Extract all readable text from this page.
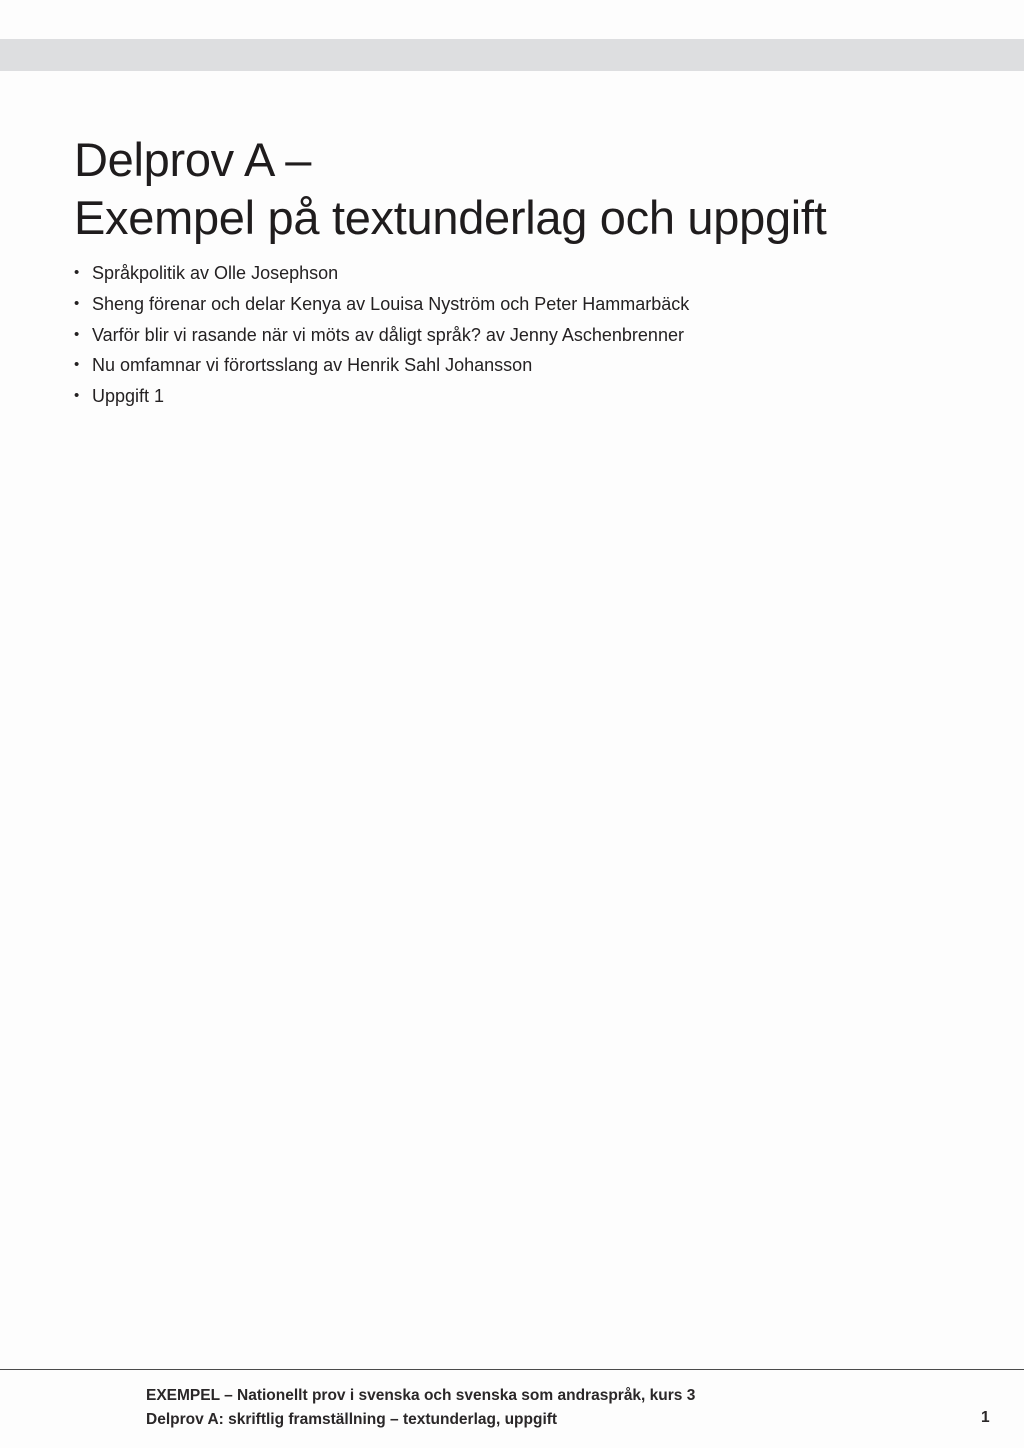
Delprov A –
Exempel på textunderlag och uppgift
• Språkpolitik av Olle Josephson
• Sheng förenar och delar Kenya av Louisa Nyström och Peter Hammarbäck
• Varför blir vi rasande när vi möts av dåligt språk? av Jenny Aschenbrenner
• Nu omfamnar vi förortsslang av Henrik Sahl Johansson
• Uppgift 1
EXEMPEL – Nationellt prov i svenska och svenska som andraspråk, kurs 3
Delprov A: skriftlig framställning – textunderlag, uppgift	1
